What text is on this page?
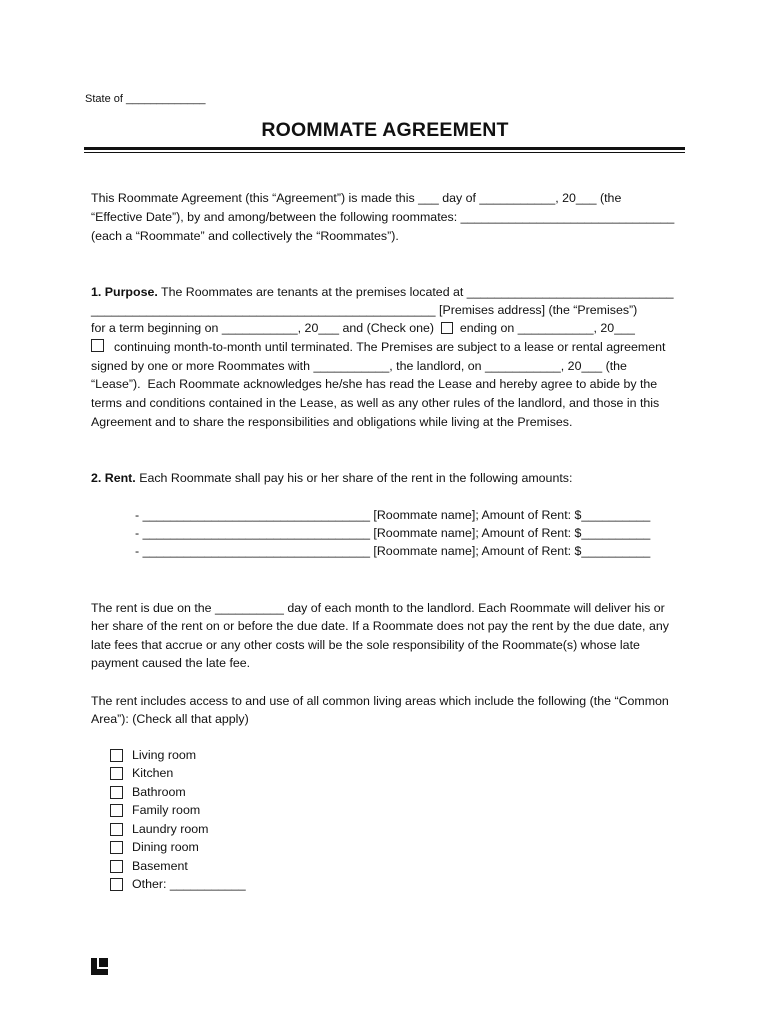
State of _____________
ROOMMATE AGREEMENT
This Roommate Agreement (this “Agreement”) is made this ___ day of ___________, 20___ (the
“Effective Date”), by and among/between the following roommates: _______________________________
(each a “Roommate” and collectively the “Roommates”).
1. Purpose. The Roommates are tenants at the premises located at ______________________________
__________________________________________________ [Premises address] (the “Premises”)
for a term beginning on ___________, 20___ and (Check one) ending on ___________, 20___
continuing month-to-month until terminated. The Premises are subject to a lease or rental agreement
signed by one or more Roommates with ___________, the landlord, on ___________, 20___ (the
“Lease”).  Each Roommate acknowledges he/she has read the Lease and hereby agree to abide by the
terms and conditions contained in the Lease, as well as any other rules of the landlord, and those in this
Agreement and to share the responsibilities and obligations while living at the Premises.
2. Rent. Each Roommate shall pay his or her share of the rent in the following amounts:
- _________________________________ [Roommate name]; Amount of Rent: $__________
- _________________________________ [Roommate name]; Amount of Rent: $__________
- _________________________________ [Roommate name]; Amount of Rent: $__________
The rent is due on the __________ day of each month to the landlord. Each Roommate will deliver his or
her share of the rent on or before the due date. If a Roommate does not pay the rent by the due date, any
late fees that accrue or any other costs will be the sole responsibility of the Roommate(s) whose late
payment caused the late fee.
The rent includes access to and use of all common living areas which include the following (the “Common
Area”): (Check all that apply)
Living room
Kitchen
Bathroom
Family room
Laundry room
Dining room
Basement
Other: ___________
